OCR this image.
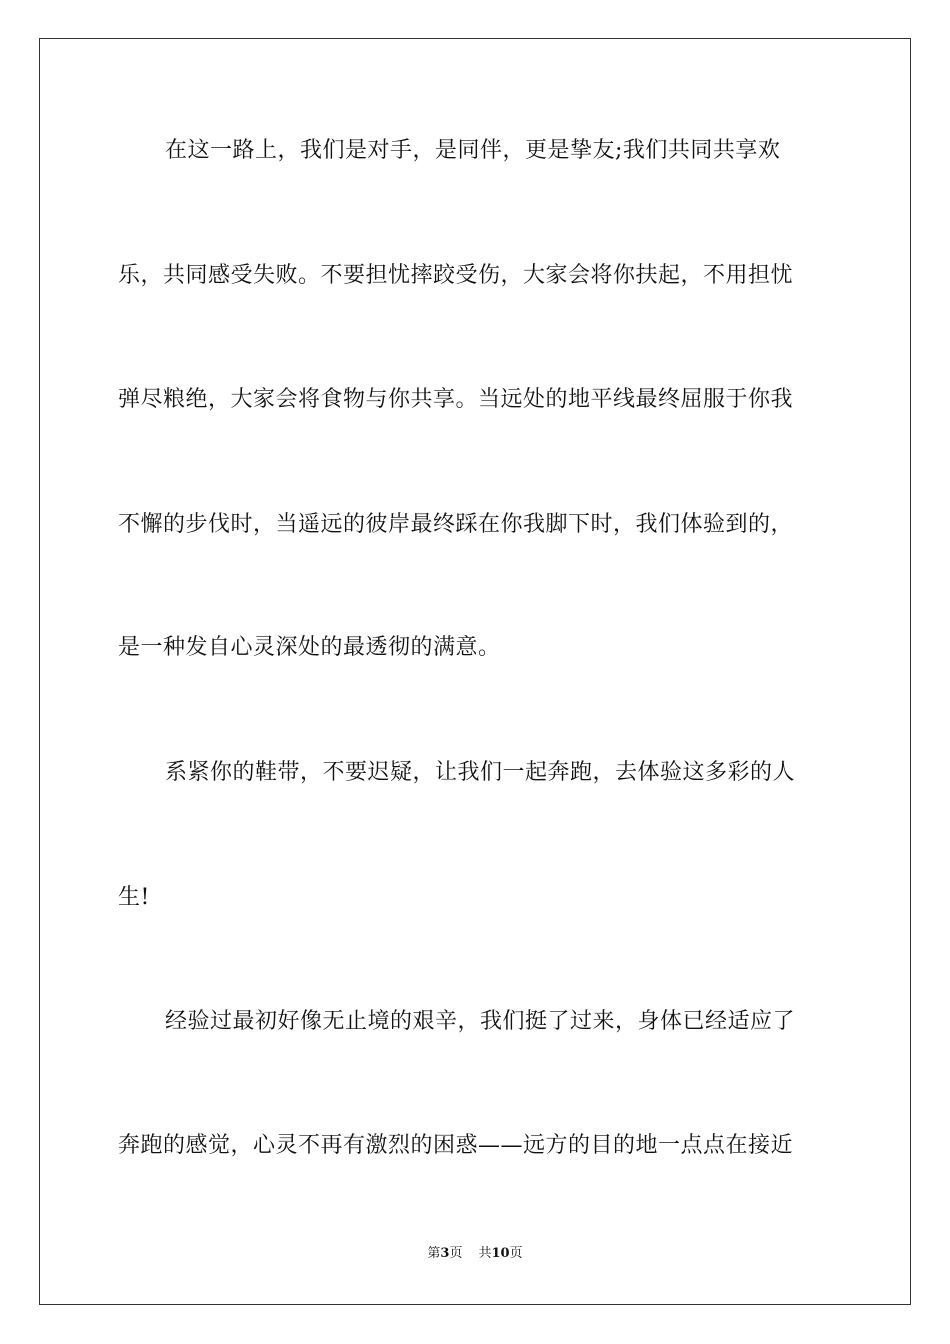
在这一路上，我们是对手，是同伴，更是挚友;我们共同共享欢
乐，共同感受失败。不要担忧摔跤受伤，大家会将你扶起，不用担忧
弹尽粮绝，大家会将食物与你共享。当远处的地平线最终屈服于你我
不懈的步伐时，当遥远的彼岸最终踩在你我脚下时，我们体验到的，
是一种发自心灵深处的最透彻的满意。
系紧你的鞋带，不要迟疑，让我们一起奔跑，去体验这多彩的人
生!
经验过最初好像无止境的艰辛，我们挺了过来，身体已经适应了
奔跑的感觉，心灵不再有激烈的困惑——远方的目的地一点点在接近
第3页 共10页
